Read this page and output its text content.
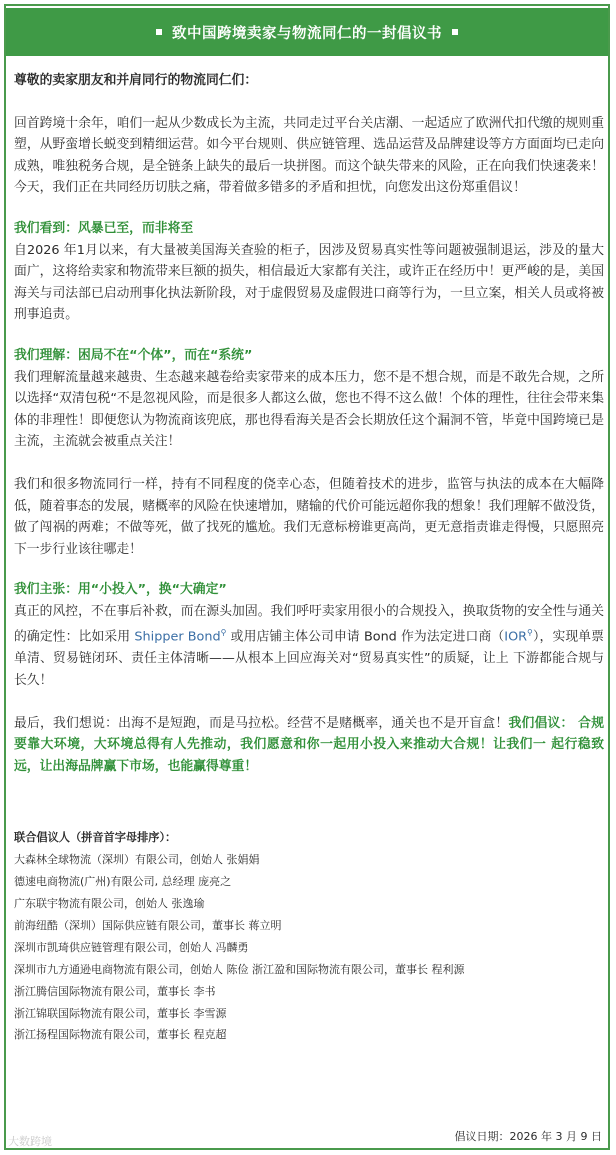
致中国跨境卖家与物流同仁的一封倡议书

尊敬的卖家朋友和并肩同行的物流同仁们：

回首跨境十余年，咱们一起从少数成长为主流，共同走过平台关店潮、一起适应了欧洲代扣代缴的规则重塑，从野蛮增长蜕变到精细运营。如今平台规则、供应链管理、选品运营及品牌建设等方方面面均已走向成熟，唯独税务合规，是全链条上缺失的最后一块拼图。而这个缺失带来的风险，正在向我们快速袭来！今天，我们正在共同经历切肤之痛，带着做多错多的矛盾和担忧，向您发出这份郑重倡议！

我们看到：风暴已至，而非将至

自2026 年1月以来，有大量被美国海关查验的柜子，因涉及贸易真实性等问题被强制退运，涉及的量大面广，这将给卖家和物流带来巨额的损失，相信最近大家都有关注，或许正在经历中！更严峻的是，美国海关与司法部已启动刑事化执法新阶段，对于虚假贸易及虚假进口商等行为，一旦立案，相关人员或将被刑事追责。

我们理解：困局不在“个体”，而在“系统”

我们理解流量越来越贵、生态越来越卷给卖家带来的成本压力，您不是不想合规，而是不敢先合规，之所以选择“双清包税“不是忽视风险，而是很多人都这么做，您也不得不这么做！个体的理性，往往会带来集体的非理性！即便您认为物流商该兜底，那也得看海关是否会长期放任这个漏洞不管，毕竟中国跨境已是主流，主流就会被重点关注！

我们和很多物流同行一样，持有不同程度的侥幸心态，但随着技术的进步，监管与执法的成本在大幅降低，随着事态的发展，赌概率的风险在快速增加，赌输的代价可能远超你我的想象！我们理解不做没货，做了闯祸的两难；不做等死，做了找死的尴尬。我们无意标榜谁更高尚，更无意指责谁走得慢，只愿照亮下一步行业该往哪走！

我们主张：用“小投入”，换“大确定”

真正的风控，不在事后补救，而在源头加固。我们呼吁卖家用很小的合规投入，换取货物的安全性与通关的确定性：比如采用 Shipper Bond⚲ 或用店铺主体公司申请 Bond 作为法定进口商（IOR⚲），实现单票单清、贸易链闭环、责任主体清晰——从根本上回应海关对“贸易真实性”的质疑，让上 下游都能合规与长久！

最后，我们想说：出海不是短跑，而是马拉松。经营不是赌概率，通关也不是开盲盒！我们倡议： 合规要靠大环境，大环境总得有人先推动，我们愿意和你一起用小投入来推动大合规！让我们一 起行稳致远，让出海品牌赢下市场，也能赢得尊重！

联合倡议人（拼音首字母排序）：
大森林全球物流（深圳）有限公司，创始人 张娟娟
德速电商物流(广州)有限公司, 总经理 庞亮之
广东联宇物流有限公司，创始人 张逸瑜
前海纽酷（深圳）国际供应链有限公司，董事长 蒋立明
深圳市凯琦供应链管理有限公司，创始人 冯麟勇
深圳市九方通逊电商物流有限公司，创始人 陈俭 浙江盈和国际物流有限公司，董事长 程利源
浙江腾信国际物流有限公司，董事长 李书
浙江锦联国际物流有限公司，董事长 李雪源
浙江扬程国际物流有限公司，董事长 程克超
大数跨境	倡议日期：2026 年 3 月 9 日
